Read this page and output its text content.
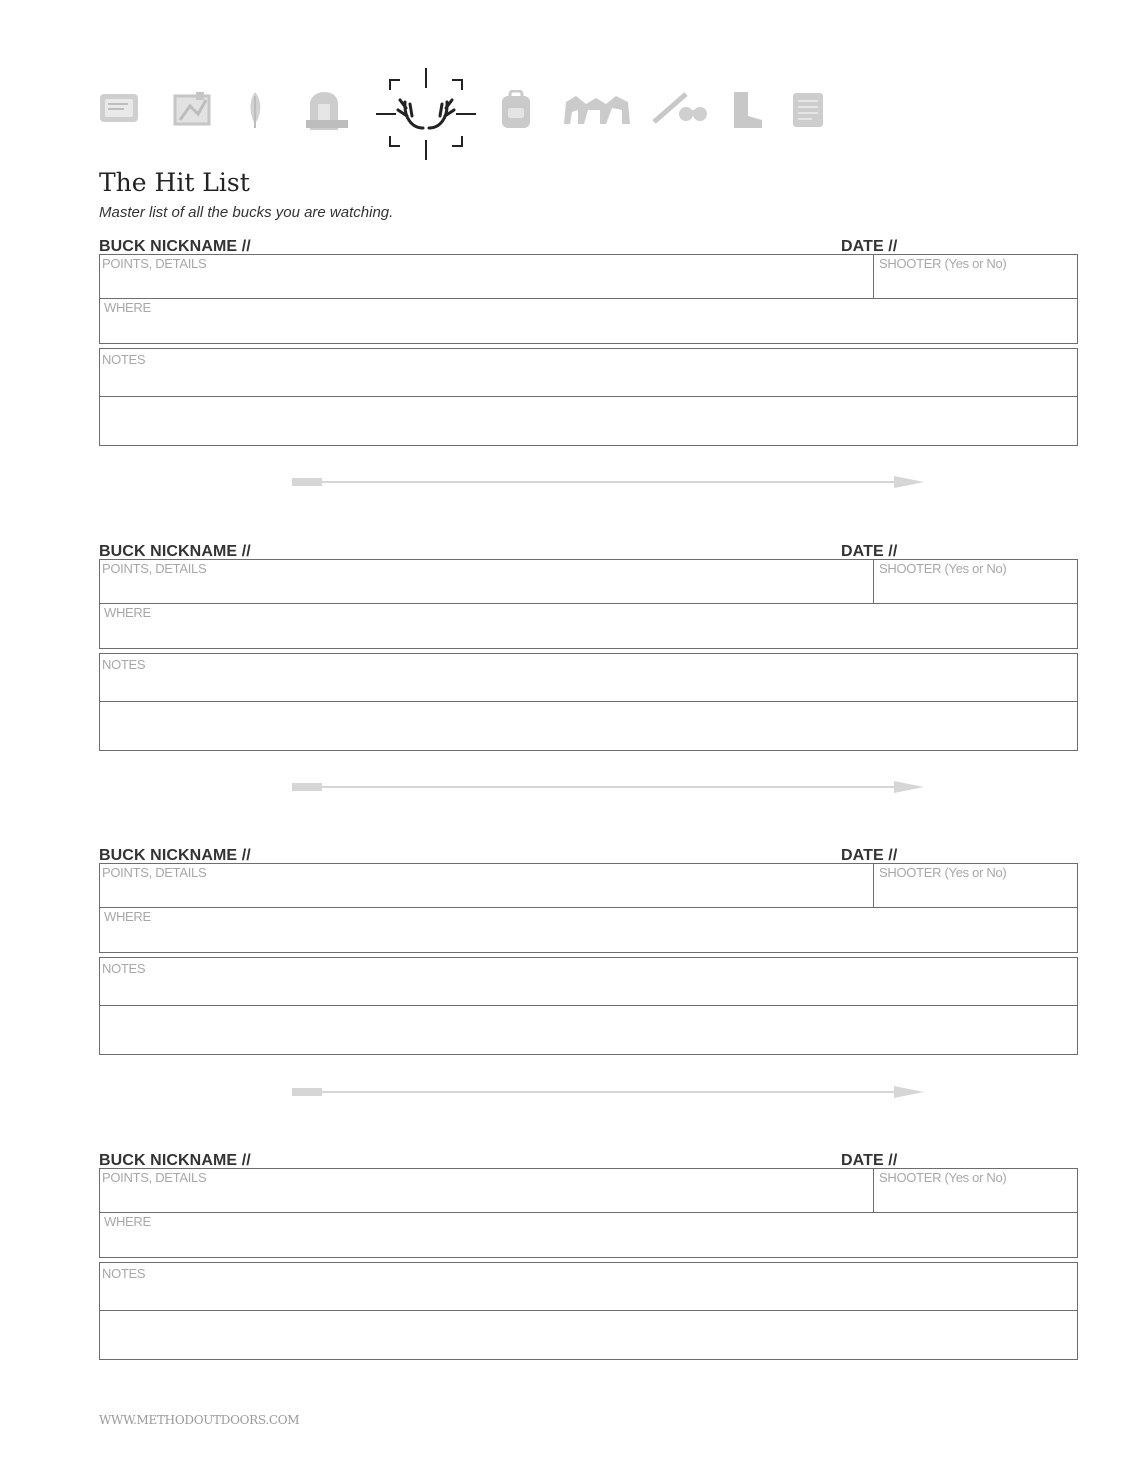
The Hit List

Master list of all the bucks you are watching.

BUCK NICKNAME //	DATE //
POINTS, DETAILS	SHOOTER (Yes or No)
WHERE
NOTES
BUCK NICKNAME //	DATE //
POINTS, DETAILS	SHOOTER (Yes or No)
WHERE
NOTES
BUCK NICKNAME //	DATE //
POINTS, DETAILS	SHOOTER (Yes or No)
WHERE
NOTES
BUCK NICKNAME //	DATE //
POINTS, DETAILS	SHOOTER (Yes or No)
WHERE
NOTES
WWW.METHODOUTDOORS.COM
